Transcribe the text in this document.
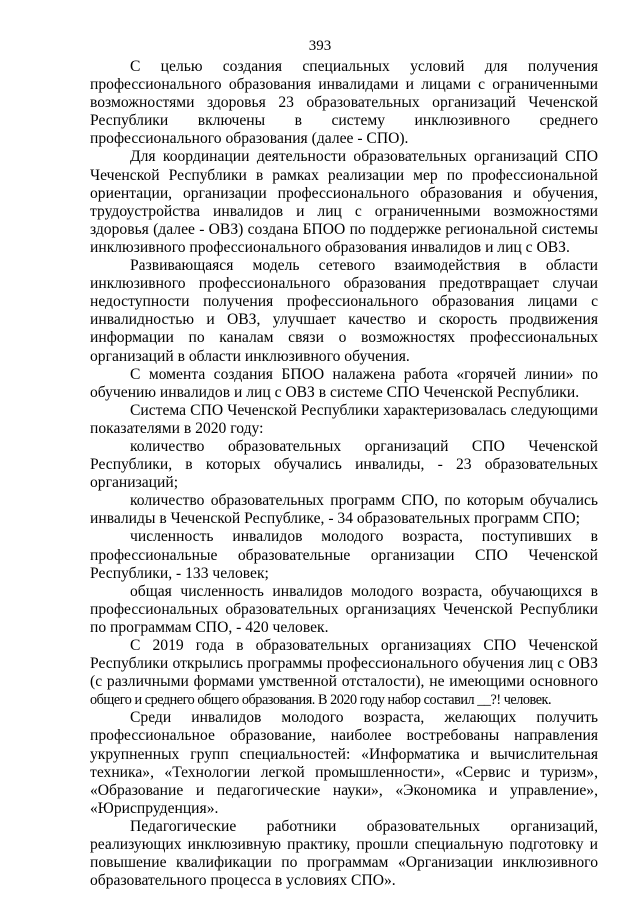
393

С целью создания специальных условий для получения профессионального образования инвалидами и лицами с ограниченными возможностями здоровья 23 образовательных организаций Чеченской Республики включены в систему инклюзивного среднего профессионального образования (далее - СПО).

Для координации деятельности образовательных организаций СПО Чеченской Республики в рамках реализации мер по профессиональной ориентации, организации профессионального образования и обучения, трудоустройства инвалидов и лиц с ограниченными возможностями здоровья (далее - ОВЗ) создана БПОО по поддержке региональной системы инклюзивного профессионального образования инвалидов и лиц с ОВЗ.

Развивающаяся модель сетевого взаимодействия в области инклюзивного профессионального образования предотвращает случаи недоступности получения профессионального образования лицами с инвалидностью и ОВЗ, улучшает качество и скорость продвижения информации по каналам связи о возможностях профессиональных организаций в области инклюзивного обучения.

С момента создания БПОО налажена работа «горячей линии» по обучению инвалидов и лиц с ОВЗ в системе СПО Чеченской Республики.

Система СПО Чеченской Республики характеризовалась следующими показателями в 2020 году:

количество образовательных организаций СПО Чеченской Республики, в которых обучались инвалиды, - 23 образовательных организаций;

количество образовательных программ СПО, по которым обучались инвалиды в Чеченской Республике, - 34 образовательных программ СПО;

численность инвалидов молодого возраста, поступивших в профессиональные образовательные организации СПО Чеченской Республики, - 133 человек;

общая численность инвалидов молодого возраста, обучающихся в профессиональных образовательных организациях Чеченской Республики по программам СПО, - 420 человек.

С 2019 года в образовательных организациях СПО Чеченской Республики открылись программы профессионального обучения лиц с ОВЗ (с различными формами умственной отсталости), не имеющими основного общего и среднего общего образования. В 2020 году набор составил __?! человек.

Среди инвалидов молодого возраста, желающих получить профессиональное образование, наиболее востребованы направления укрупненных групп специальностей: «Информатика и вычислительная техника», «Технологии легкой промышленности», «Сервис и туризм», «Образование и педагогические науки», «Экономика и управление», «Юриспруденция».

Педагогические работники образовательных организаций, реализующих инклюзивную практику, прошли специальную подготовку и повышение квалификации по программам «Организации инклюзивного образовательного процесса в условиях СПО».
